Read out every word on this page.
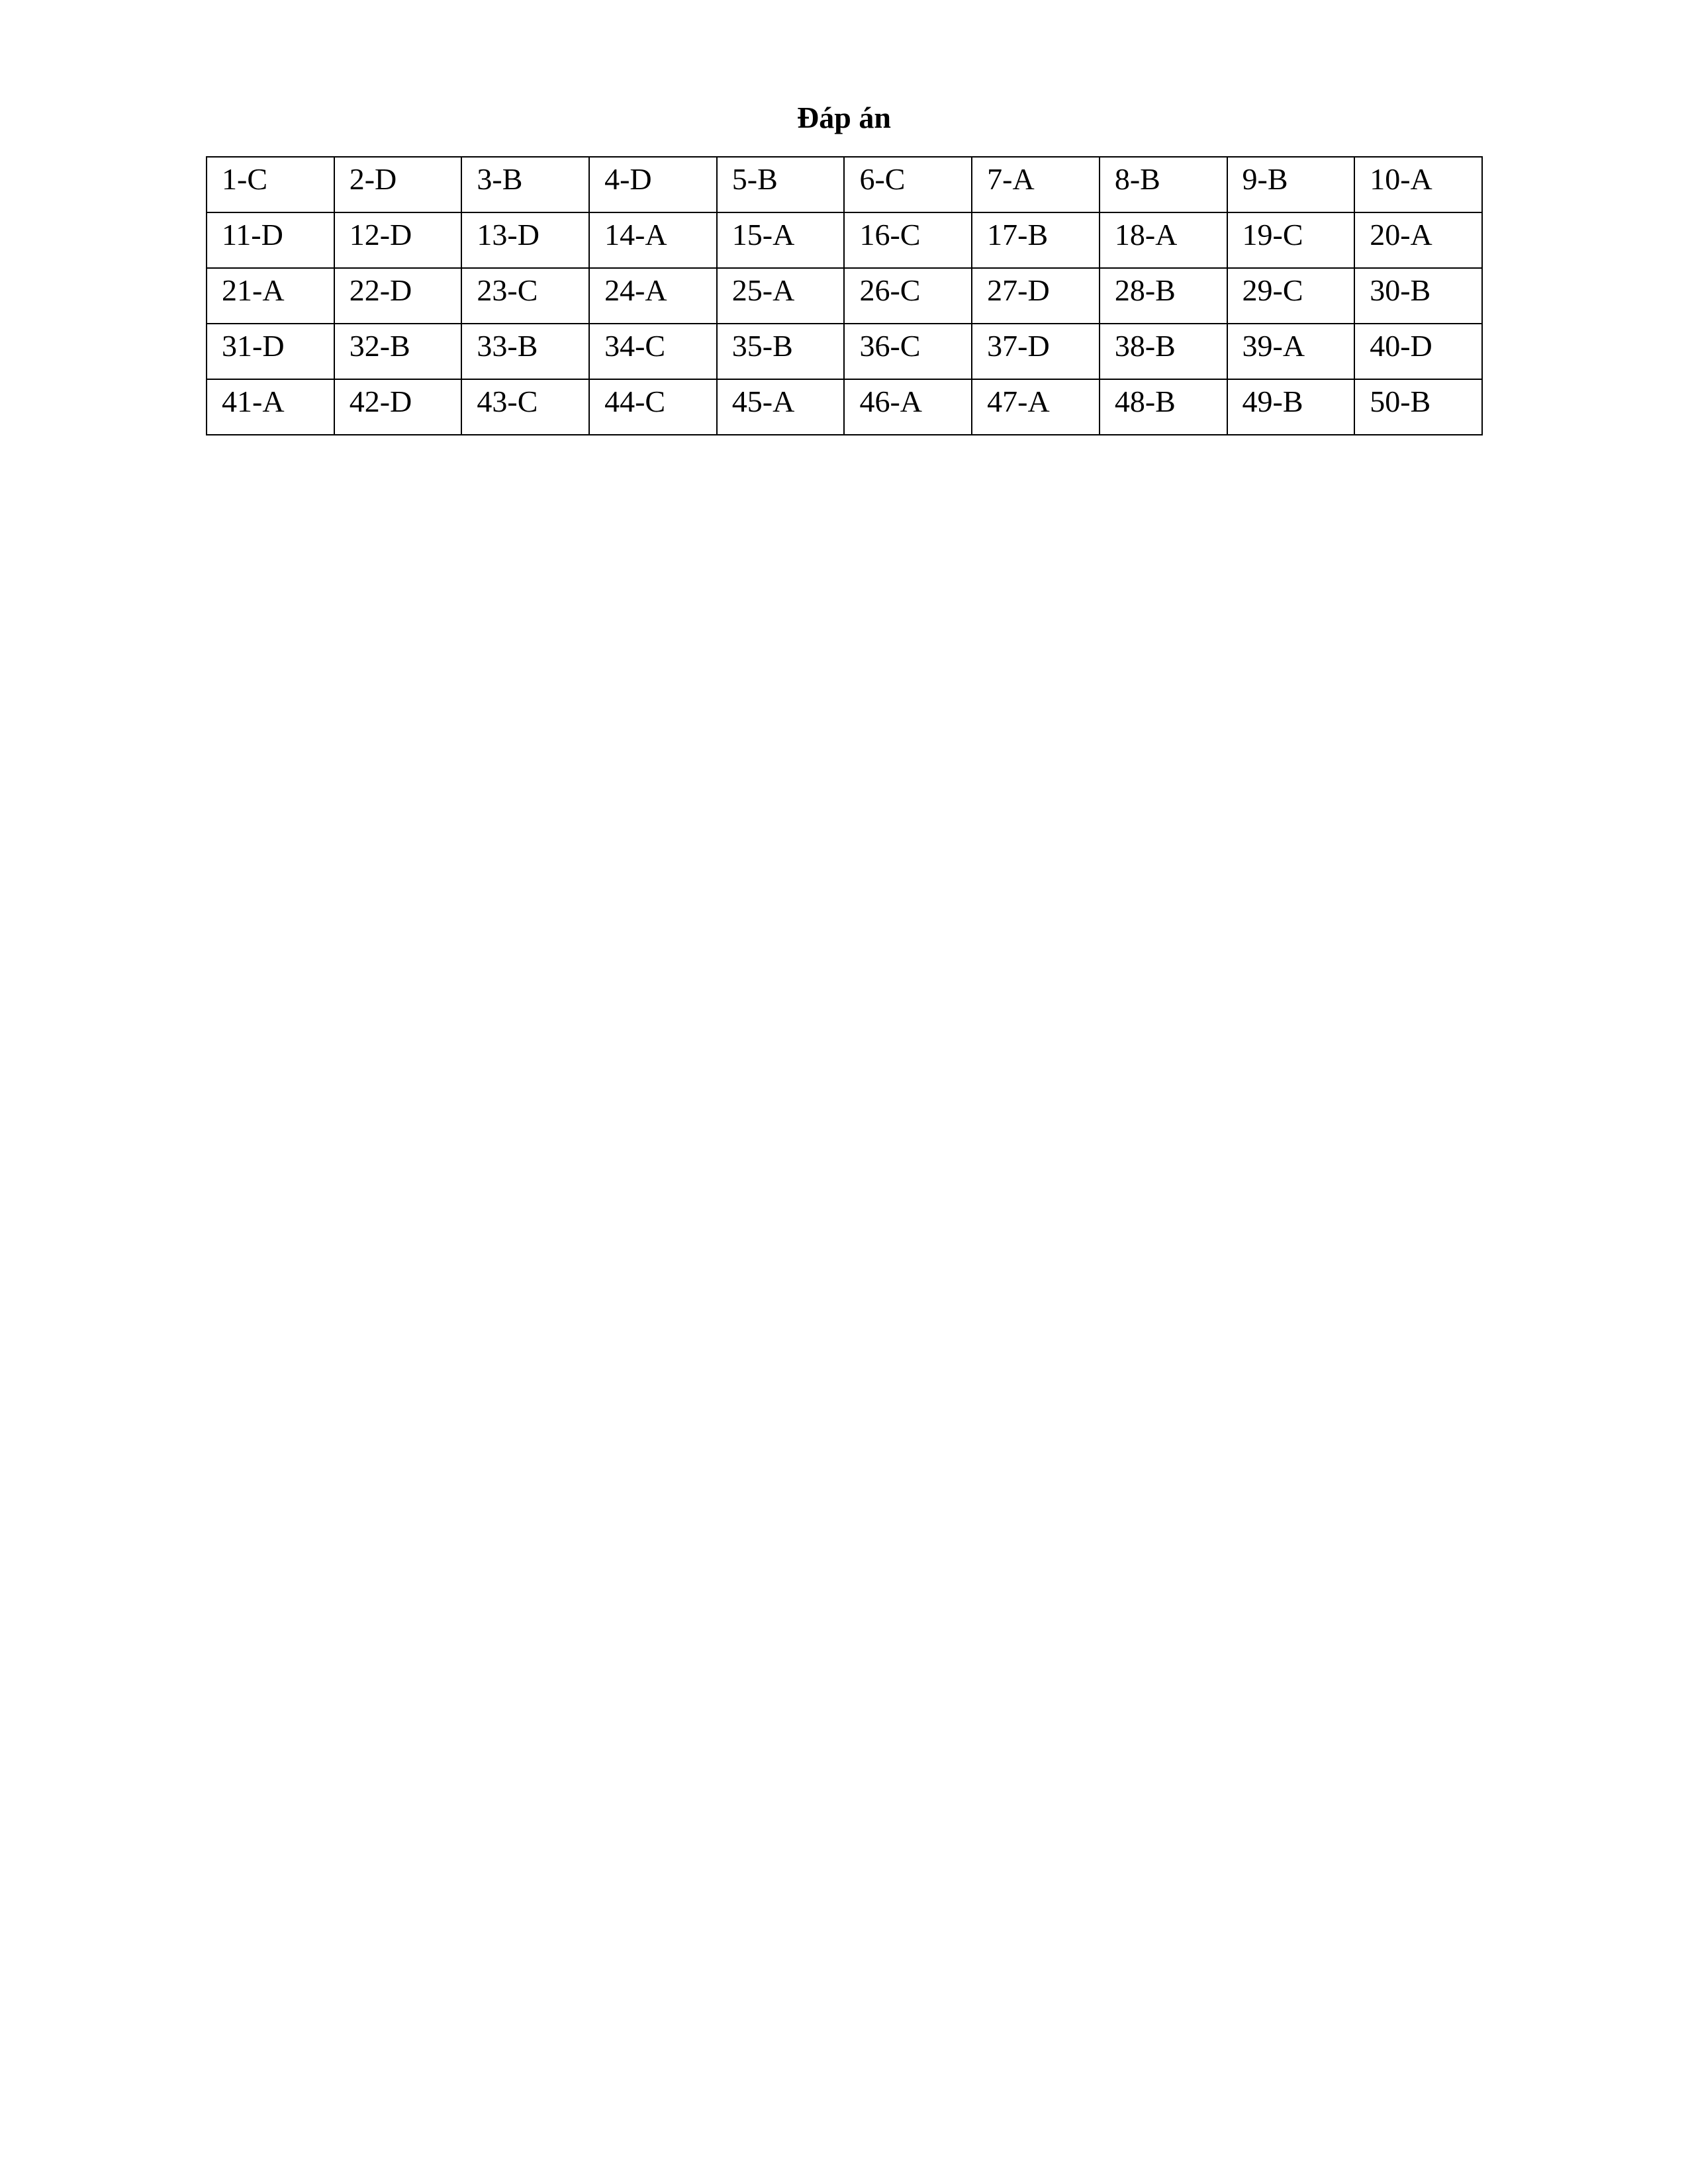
Đáp án
1-C	2-D	3-B	4-D	5-B	6-C	7-A	8-B	9-B	10-A
11-D	12-D	13-D	14-A	15-A	16-C	17-B	18-A	19-C	20-A
21-A	22-D	23-C	24-A	25-A	26-C	27-D	28-B	29-C	30-B
31-D	32-B	33-B	34-C	35-B	36-C	37-D	38-B	39-A	40-D
41-A	42-D	43-C	44-C	45-A	46-A	47-A	48-B	49-B	50-B
